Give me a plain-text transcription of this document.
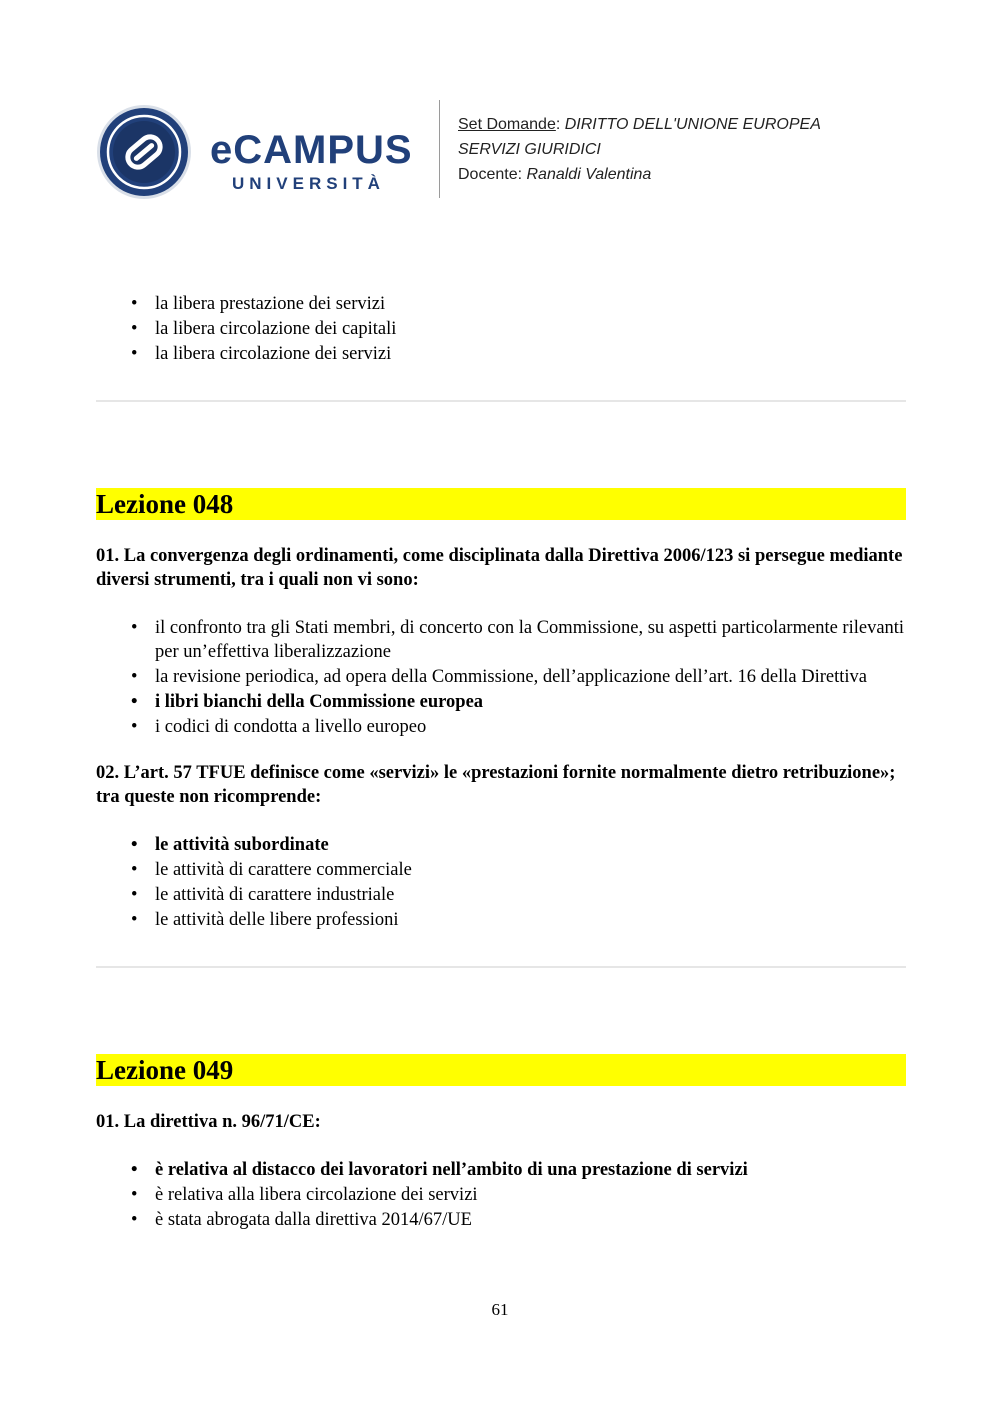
eCAMPUS
UNIVERSITÀ
Set Domande: DIRITTO DELL'UNIONE EUROPEA
SERVIZI GIURIDICI
Docente: Ranaldi Valentina
• la libera prestazione dei servizi
• la libera circolazione dei capitali
• la libera circolazione dei servizi
Lezione 048
01. La convergenza degli ordinamenti, come disciplinata dalla Direttiva 2006/123 si persegue mediante diversi strumenti, tra i quali non vi sono:
• il confronto tra gli Stati membri, di concerto con la Commissione, su aspetti particolarmente rilevanti per un’effettiva liberalizzazione
• la revisione periodica, ad opera della Commissione, dell’applicazione dell’art. 16 della Direttiva
• i libri bianchi della Commissione europea
• i codici di condotta a livello europeo
02. L’art. 57 TFUE definisce come «servizi» le «prestazioni fornite normalmente dietro retribuzione»; tra queste non ricomprende:
• le attività subordinate
• le attività di carattere commerciale
• le attività di carattere industriale
• le attività delle libere professioni
Lezione 049
01. La direttiva n. 96/71/CE:
• è relativa al distacco dei lavoratori nell’ambito di una prestazione di servizi
• è relativa alla libera circolazione dei servizi
• è stata abrogata dalla direttiva 2014/67/UE
61
